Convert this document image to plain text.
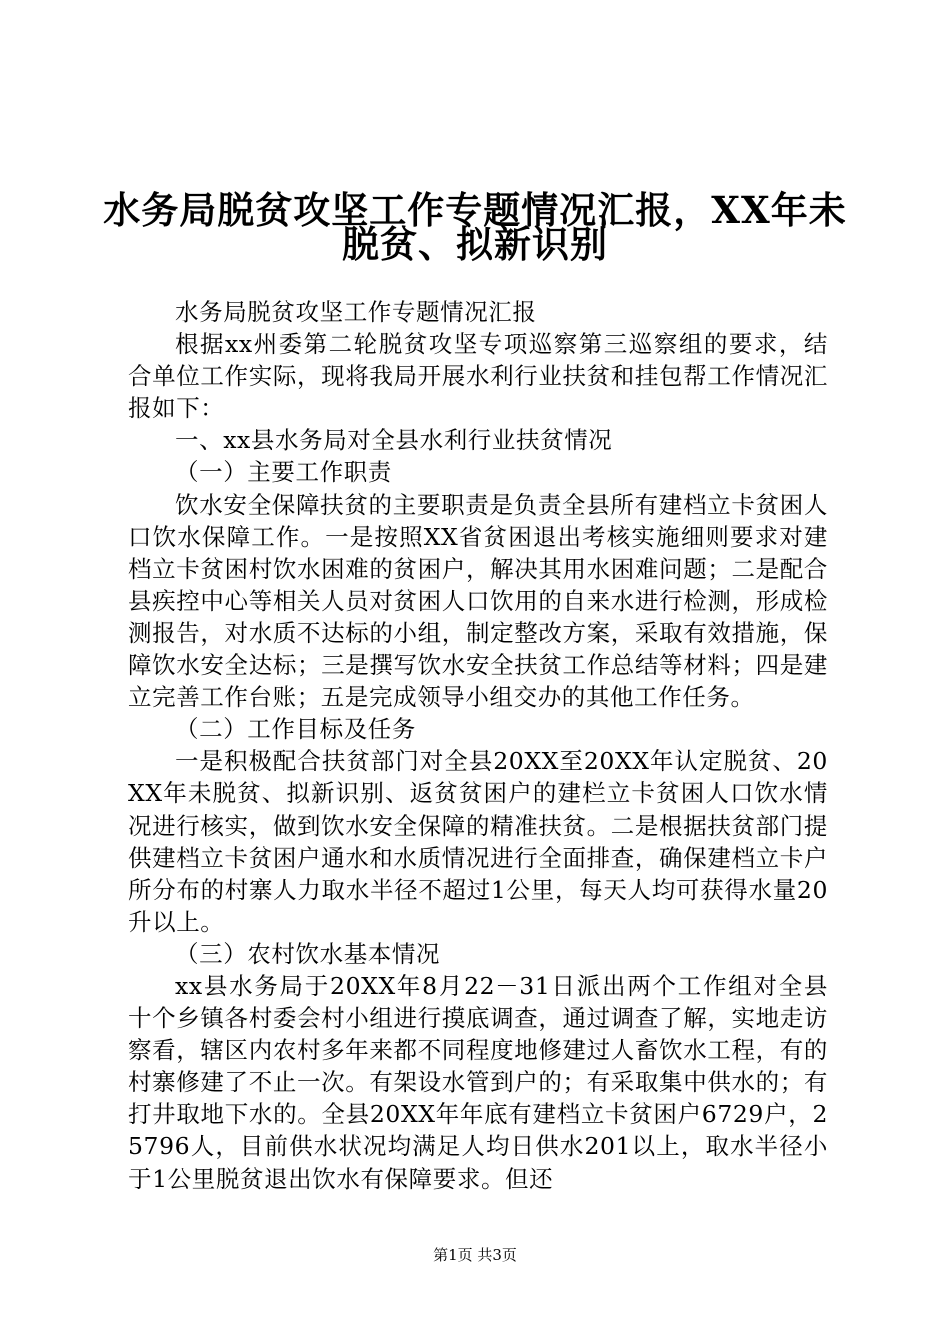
水务局脱贫攻坚工作专题情况汇报，XX年未
脱贫、拟新识别

水务局脱贫攻坚工作专题情况汇报

根据xx州委第二轮脱贫攻坚专项巡察第三巡察组的要求，结合单位工作实际，现将我局开展水利行业扶贫和挂包帮工作情况汇报如下：

一、xx县水务局对全县水利行业扶贫情况

（一）主要工作职责

饮水安全保障扶贫的主要职责是负责全县所有建档立卡贫困人口饮水保障工作。一是按照XX省贫困退出考核实施细则要求对建档立卡贫困村饮水困难的贫困户，解决其用水困难问题；二是配合县疾控中心等相关人员对贫困人口饮用的自来水进行检测，形成检测报告，对水质不达标的小组，制定整改方案，采取有效措施，保障饮水安全达标；三是撰写饮水安全扶贫工作总结等材料；四是建立完善工作台账；五是完成领导小组交办的其他工作任务。

（二）工作目标及任务

一是积极配合扶贫部门对全县20XX至20XX年认定脱贫、20XX年未脱贫、拟新识别、返贫贫困户的建栏立卡贫困人口饮水情况进行核实，做到饮水安全保障的精准扶贫。二是根据扶贫部门提供建档立卡贫困户通水和水质情况进行全面排查，确保建档立卡户所分布的村寨人力取水半径不超过1公里，每天人均可获得水量20升以上。

（三）农村饮水基本情况

xx县水务局于20XX年8月22－31日派出两个工作组对全县十个乡镇各村委会村小组进行摸底调查，通过调查了解，实地走访察看，辖区内农村多年来都不同程度地修建过人畜饮水工程，有的村寨修建了不止一次。有架设水管到户的；有采取集中供水的；有打井取地下水的。全县20XX年年底有建档立卡贫困户6729户，25796人，目前供水状况均满足人均日供水201以上，取水半径小于1公里脱贫退出饮水有保障要求。但还

第1页 共3页
